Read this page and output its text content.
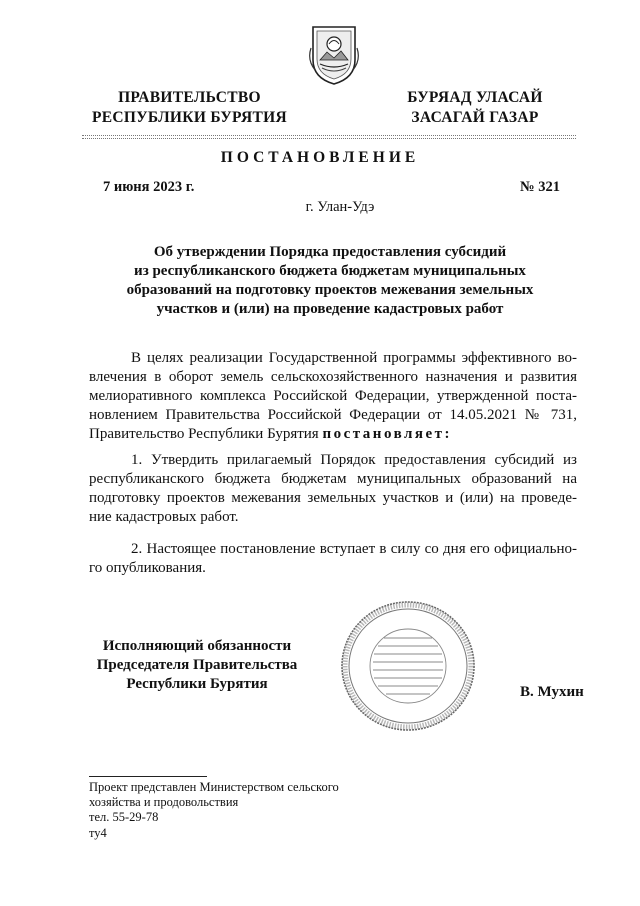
ПРАВИТЕЛЬСТВО
РЕСПУБЛИКИ БУРЯТИЯ
БУРЯАД УЛАСАЙ
ЗАСАГАЙ ГАЗАР
ПОСТАНОВЛЕНИЕ
7 июня 2023 г.	№ 321
г. Улан-Удэ
Об утверждении Порядка предоставления субсидий
из республиканского бюджета бюджетам муниципальных
образований на подготовку проектов межевания земельных
участков и (или) на проведение кадастровых работ
В целях реализации Государственной программы эффективного во-
влечения в оборот земель сельскохозяйственного назначения и развития
мелиоративного комплекса Российской Федерации, утвержденной поста-
новлением Правительства Российской Федерации от 14.05.2021 № 731,
Правительство Республики Бурятия постановляет:
1. Утвердить прилагаемый Порядок предоставления субсидий из
республиканского бюджета бюджетам муниципальных образований на
подготовку проектов межевания земельных участков и (или) на проведе-
ние кадастровых работ.
2. Настоящее постановление вступает в силу со дня его официально-
го опубликования.
Исполняющий обязанности
Председателя Правительства
Республики Бурятия	В. Мухин
Проект представлен Министерством сельского
хозяйства и продовольствия
тел. 55-29-78
ту4
